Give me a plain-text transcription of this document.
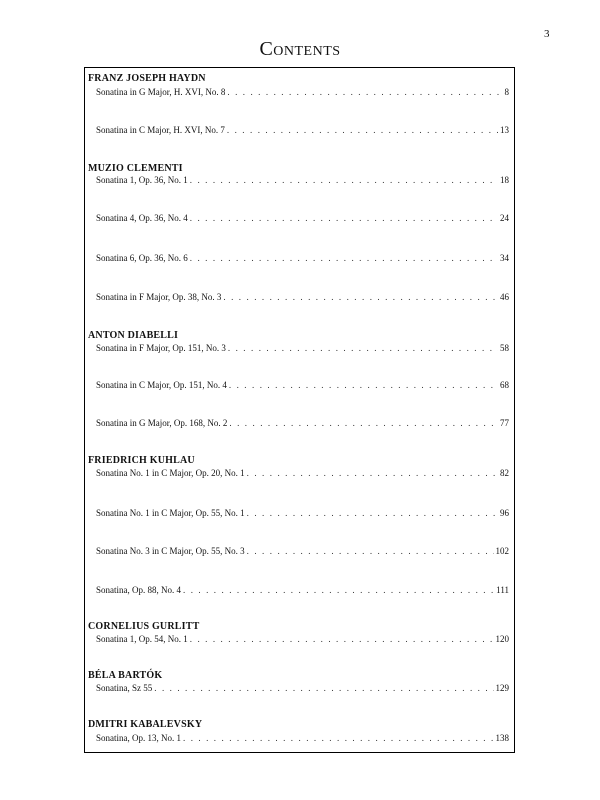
3
Contents
FRANZ JOSEPH HAYDN
Sonatina in G Major, H. XVI, No. 8 . . .	8
Sonatina in C Major, H. XVI, No. 7 . . .	13
MUZIO CLEMENTI
Sonatina 1, Op. 36, No. 1 . . .	18
Sonatina 4, Op. 36, No. 4 . . .	24
Sonatina 6, Op. 36, No. 6 . . .	34
Sonatina in F Major, Op. 38, No. 3 . . .	46
ANTON DIABELLI
Sonatina in F Major, Op. 151, No. 3 . . .	58
Sonatina in C Major, Op. 151, No. 4 . . .	68
Sonatina in G Major, Op. 168, No. 2 . . .	77
FRIEDRICH KUHLAU
Sonatina No. 1 in C Major, Op. 20, No. 1 . . .	82
Sonatina No. 1 in C Major, Op. 55, No. 1 . . .	96
Sonatina No. 3 in C Major, Op. 55, No. 3 . . .	102
Sonatina, Op. 88, No. 4 . . .	111
CORNELIUS GURLITT
Sonatina 1, Op. 54, No. 1 . . .	120
BÉLA BARTÓK
Sonatina, Sz 55 . . .	129
DMITRI KABALEVSKY
Sonatina, Op. 13, No. 1 . . .	138
